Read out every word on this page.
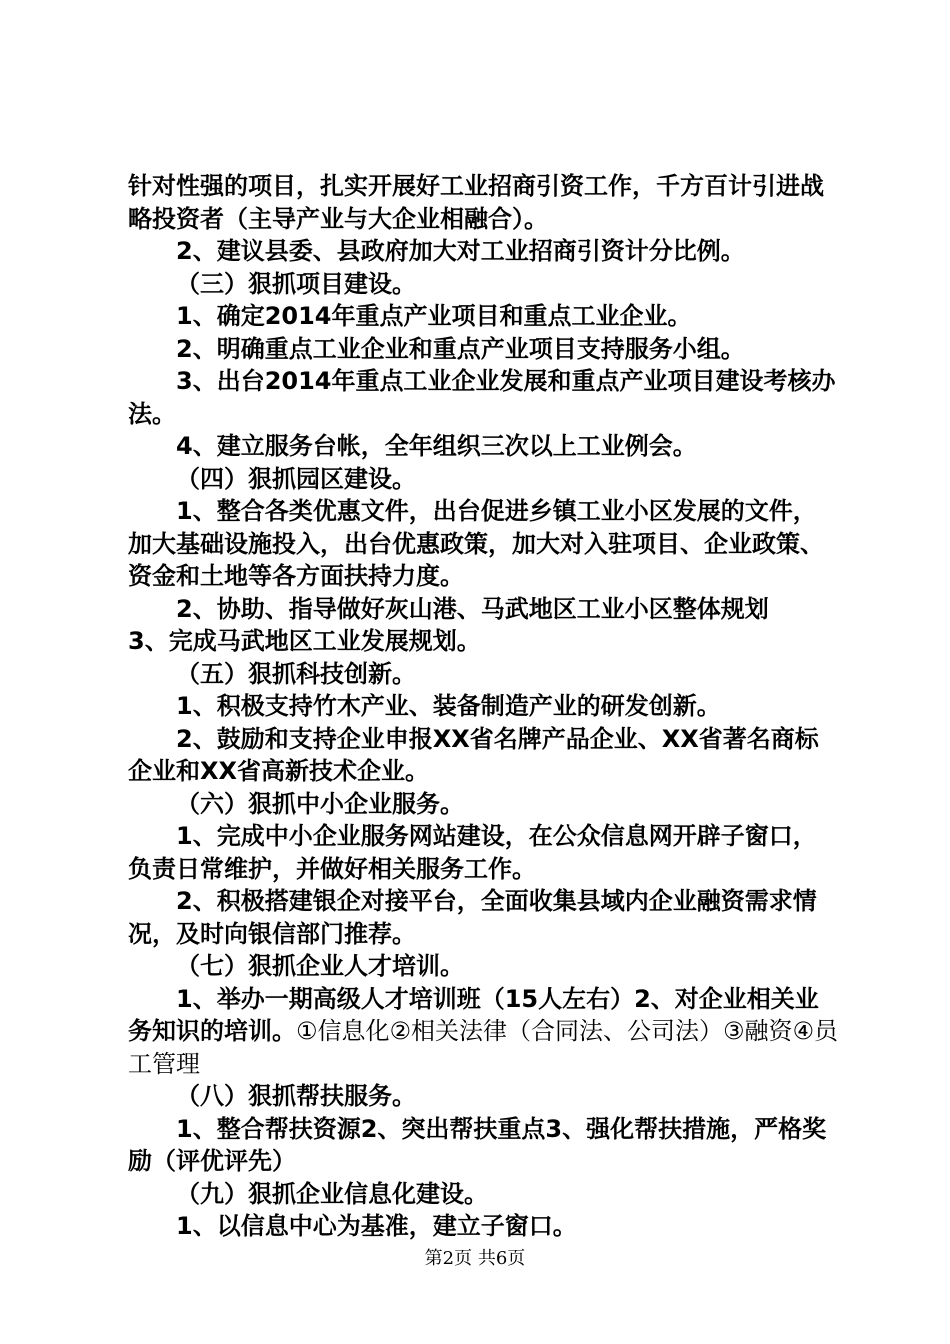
针对性强的项目，扎实开展好工业招商引资工作，千方百计引进战略投资者（主导产业与大企业相融合）。

2、建议县委、县政府加大对工业招商引资计分比例。

（三）狠抓项目建设。

1、确定2014年重点产业项目和重点工业企业。

2、明确重点工业企业和重点产业项目支持服务小组。

3、出台2014年重点工业企业发展和重点产业项目建设考核办法。

4、建立服务台帐，全年组织三次以上工业例会。

（四）狠抓园区建设。

1、整合各类优惠文件，出台促进乡镇工业小区发展的文件，加大基础设施投入，出台优惠政策，加大对入驻项目、企业政策、资金和土地等各方面扶持力度。

2、协助、指导做好灰山港、马武地区工业小区整体规划

3、完成马武地区工业发展规划。

（五）狠抓科技创新。

1、积极支持竹木产业、装备制造产业的研发创新。

2、鼓励和支持企业申报XX省名牌产品企业、XX省著名商标企业和XX省高新技术企业。

（六）狠抓中小企业服务。

1、完成中小企业服务网站建设，在公众信息网开辟子窗口，负责日常维护，并做好相关服务工作。

2、积极搭建银企对接平台，全面收集县域内企业融资需求情况，及时向银信部门推荐。

（七）狠抓企业人才培训。

1、举办一期高级人才培训班（15人左右）2、对企业相关业务知识的培训。①信息化②相关法律（合同法、公司法）③融资④员工管理

（八）狠抓帮扶服务。

1、整合帮扶资源2、突出帮扶重点3、强化帮扶措施，严格奖励（评优评先）

（九）狠抓企业信息化建设。

1、以信息中心为基准，建立子窗口。

第2页 共6页
